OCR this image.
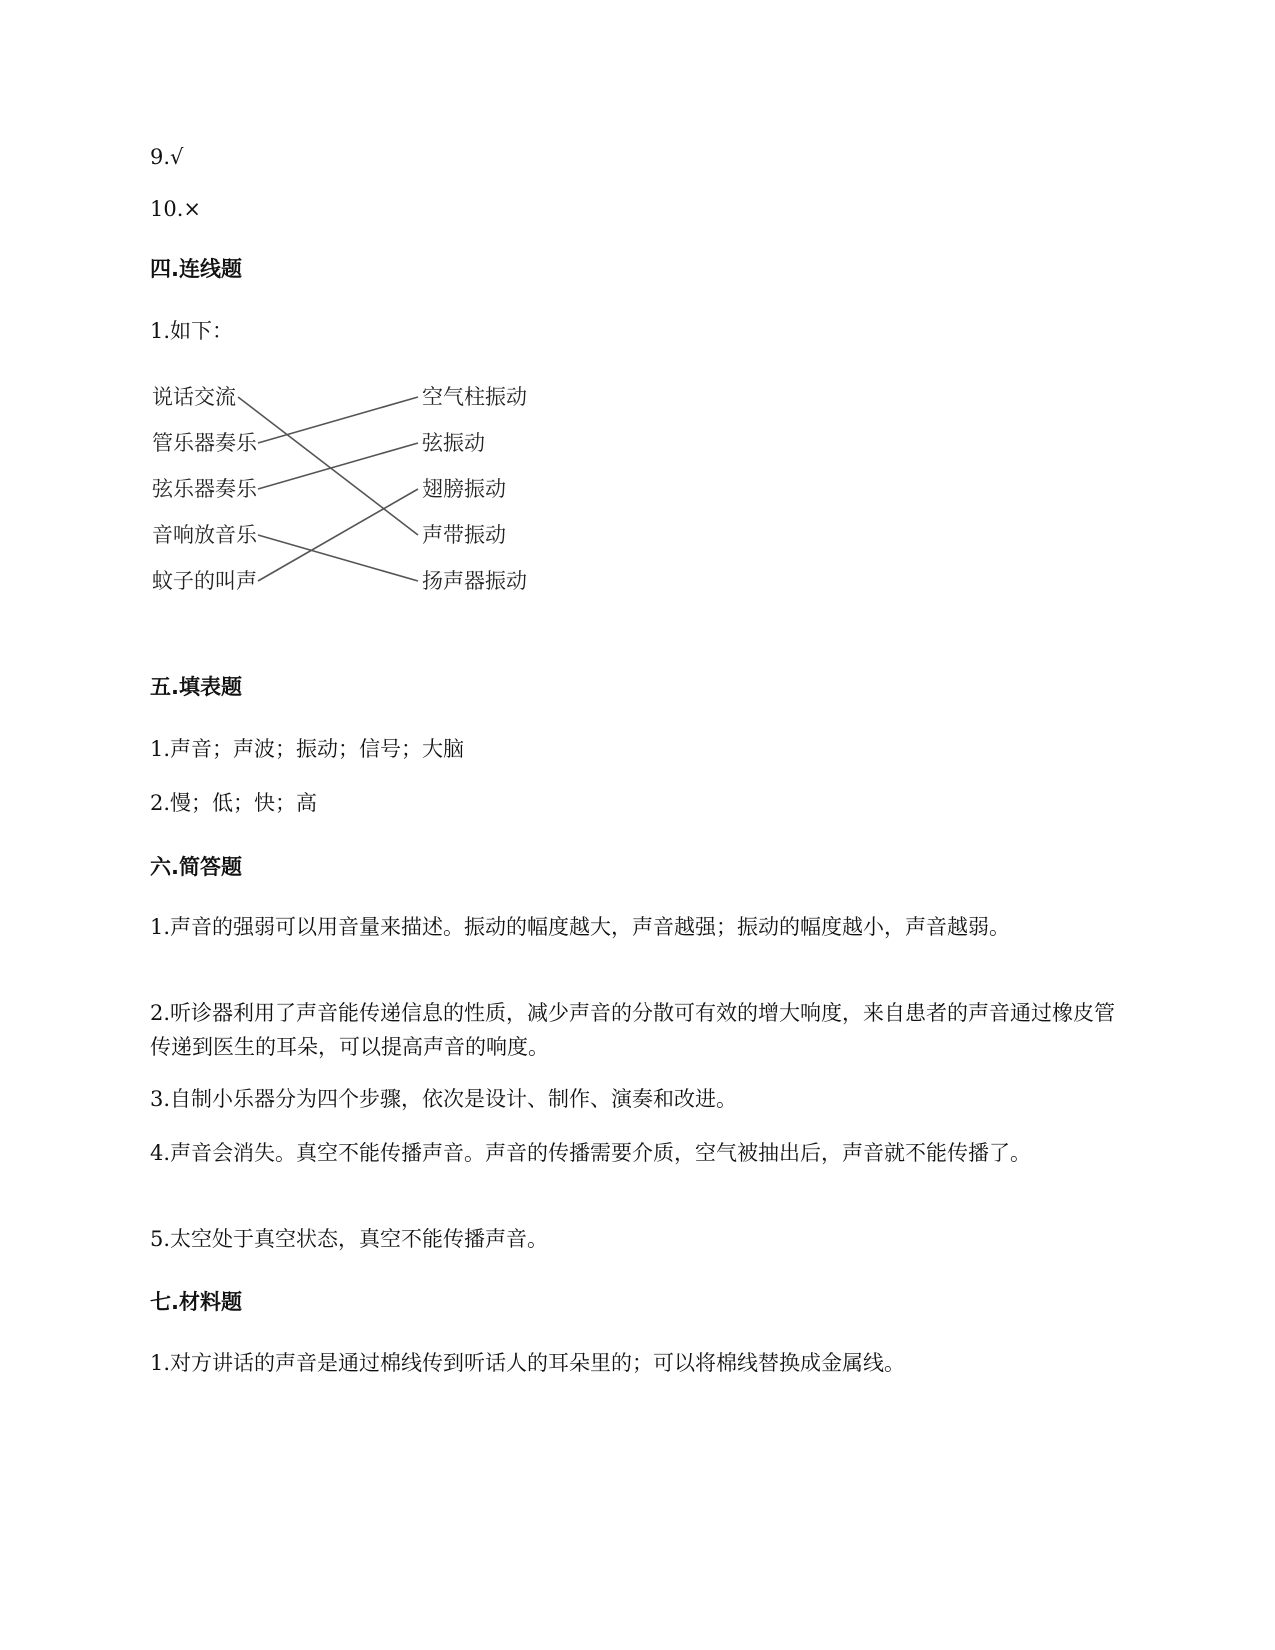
9.√
10.×
四.连线题
1.如下：
说话交流
管乐器奏乐
弦乐器奏乐
音响放音乐
蚊子的叫声
空气柱振动
弦振动
翅膀振动
声带振动
扬声器振动
五.填表题
1.声音；声波；振动；信号；大脑
2.慢；低；快；高
六.简答题
1.声音的强弱可以用音量来描述。振动的幅度越大，声音越强；振动的幅度越小，声音越弱。
2.听诊器利用了声音能传递信息的性质，减少声音的分散可有效的增大响度，来自患者的声音通过橡皮管传递到医生的耳朵，可以提高声音的响度。
3.自制小乐器分为四个步骤，依次是设计、制作、演奏和改进。
4.声音会消失。真空不能传播声音。声音的传播需要介质，空气被抽出后，声音就不能传播了。
5.太空处于真空状态，真空不能传播声音。
七.材料题
1.对方讲话的声音是通过棉线传到听话人的耳朵里的；可以将棉线替换成金属线。
